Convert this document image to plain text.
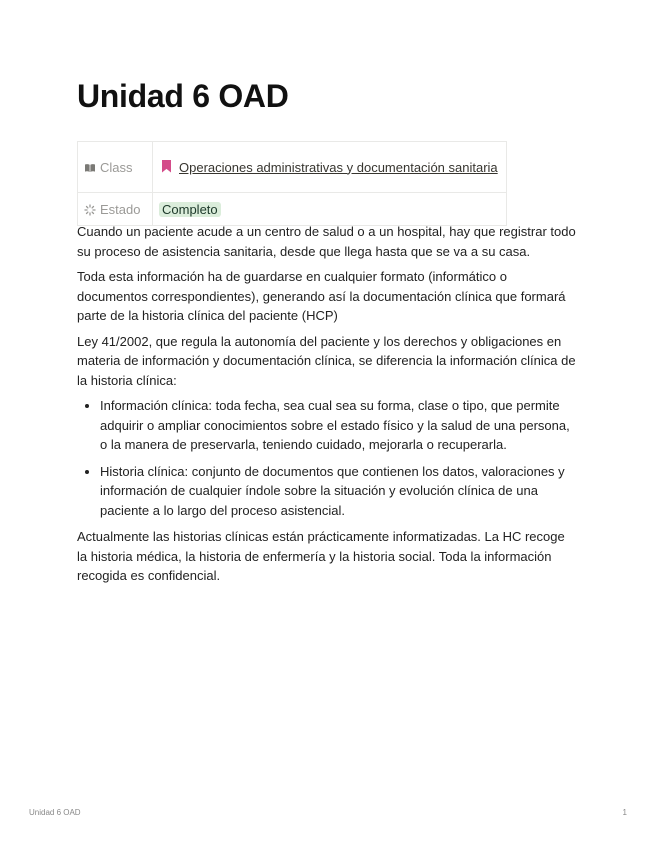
Unidad 6 OAD
Class	Operaciones administrativas y documentación sanitaria
Estado	Completo

Cuando un paciente acude a un centro de salud o a un hospital, hay que registrar todo su proceso de asistencia sanitaria, desde que llega hasta que se va a su casa.

Toda esta información ha de guardarse en cualquier formato (informático o documentos correspondientes), generando así la documentación clínica que formará parte de la historia clínica del paciente (HCP)

Ley 41/2002, que regula la autonomía del paciente y los derechos y obligaciones en materia de información y documentación clínica, se diferencia la información clínica de la historia clínica:

• Información clínica: toda fecha, sea cual sea su forma, clase o tipo, que permite adquirir o ampliar conocimientos sobre el estado físico y la salud de una persona, o la manera de preservarla, teniendo cuidado, mejorarla o recuperarla.
• Historia clínica: conjunto de documentos que contienen los datos, valoraciones y información de cualquier índole sobre la situación y evolución clínica de una paciente a lo largo del proceso asistencial.

Actualmente las historias clínicas están prácticamente informatizadas. La HC recoge la historia médica, la historia de enfermería y la historia social. Toda la información recogida es confidencial.

Unidad 6 OAD	1
